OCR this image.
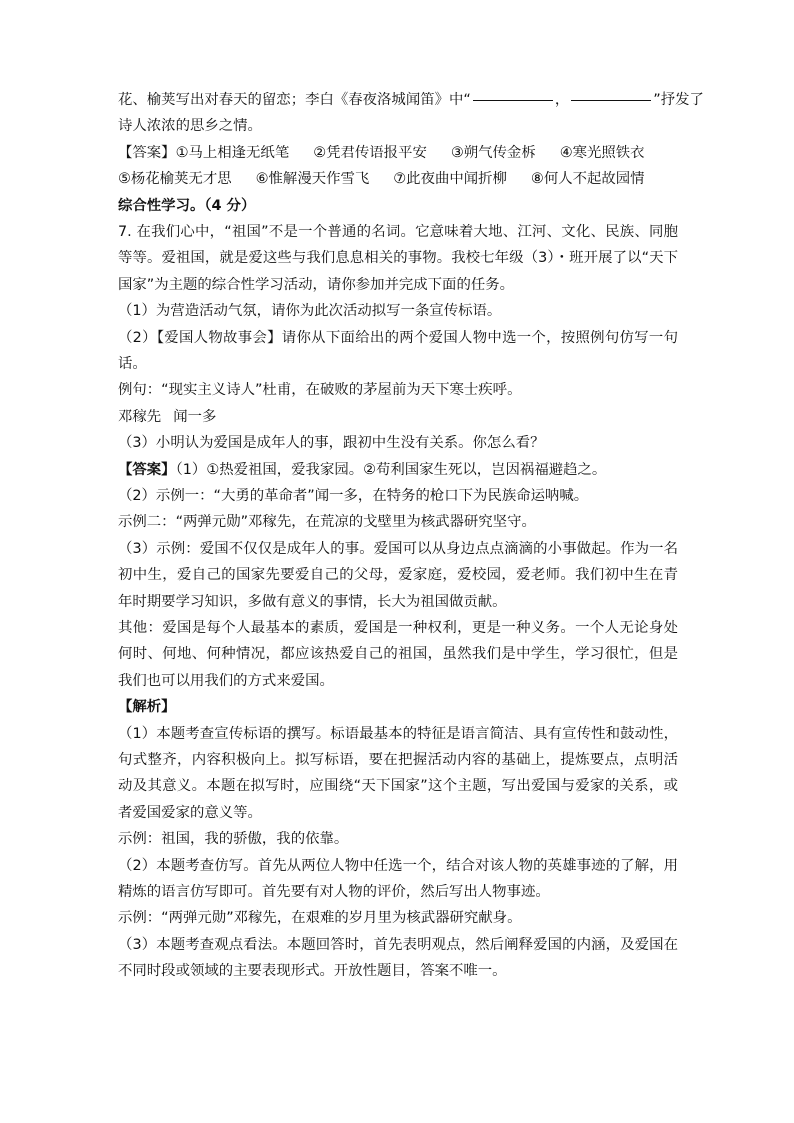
花、榆荚写出对春天的留恋；李白《春夜洛城闻笛》中“	，	”抒发了
诗人浓浓的思乡之情。
【答案】①马上相逢无纸笔 ②凭君传语报平安 ③朔气传金柝 ④寒光照铁衣
⑤杨花榆荚无才思 ⑥惟解漫天作雪飞 ⑦此夜曲中闻折柳 ⑧何人不起故园情
综合性学习。（4 分）
7. 在我们心中，“祖国”不是一个普通的名词。它意味着大地、江河、文化、民族、同胞等等。爱祖国，就是爱这些与我们息息相关的事物。我校七年级（3）・班开展了以“天下国家”为主题的综合性学习活动，请你参加并完成下面的任务。
（1）为营造活动气氛，请你为此次活动拟写一条宣传标语。
（2）【爱国人物故事会】请你从下面给出的两个爱国人物中选一个，按照例句仿写一句话。
例句：“现实主义诗人”杜甫，在破败的茅屋前为天下寒士疾呼。
邓稼先 闻一多
（3）小明认为爱国是成年人的事，跟初中生没有关系。你怎么看？
【答案】（1）①热爱祖国，爱我家园。②苟利国家生死以，岂因祸福避趋之。
（2）示例一：“大勇的革命者”闻一多，在特务的枪口下为民族命运呐喊。
示例二：“两弹元勋”邓稼先，在荒凉的戈壁里为核武器研究坚守。
（3）示例：爱国不仅仅是成年人的事。爱国可以从身边点点滴滴的小事做起。作为一名初中生，爱自己的国家先要爱自己的父母，爱家庭，爱校园，爱老师。我们初中生在青年时期要学习知识，多做有意义的事情，长大为祖国做贡献。
其他：爱国是每个人最基本的素质，爱国是一种权利，更是一种义务。一个人无论身处何时、何地、何种情况，都应该热爱自己的祖国，虽然我们是中学生，学习很忙，但是我们也可以用我们的方式来爱国。
【解析】
（1）本题考查宣传标语的撰写。标语最基本的特征是语言简洁、具有宣传性和鼓动性，句式整齐，内容积极向上。拟写标语，要在把握活动内容的基础上，提炼要点，点明活动及其意义。本题在拟写时，应围绕“天下国家”这个主题，写出爱国与爱家的关系，或者爱国爱家的意义等。
示例：祖国，我的骄傲，我的依靠。
（2）本题考查仿写。首先从两位人物中任选一个，结合对该人物的英雄事迹的了解，用精炼的语言仿写即可。首先要有对人物的评价，然后写出人物事迹。
示例：“两弹元勋”邓稼先，在艰难的岁月里为核武器研究献身。
（3）本题考查观点看法。本题回答时，首先表明观点，然后阐释爱国的内涵，及爱国在不同时段或领域的主要表现形式。开放性题目，答案不唯一。
